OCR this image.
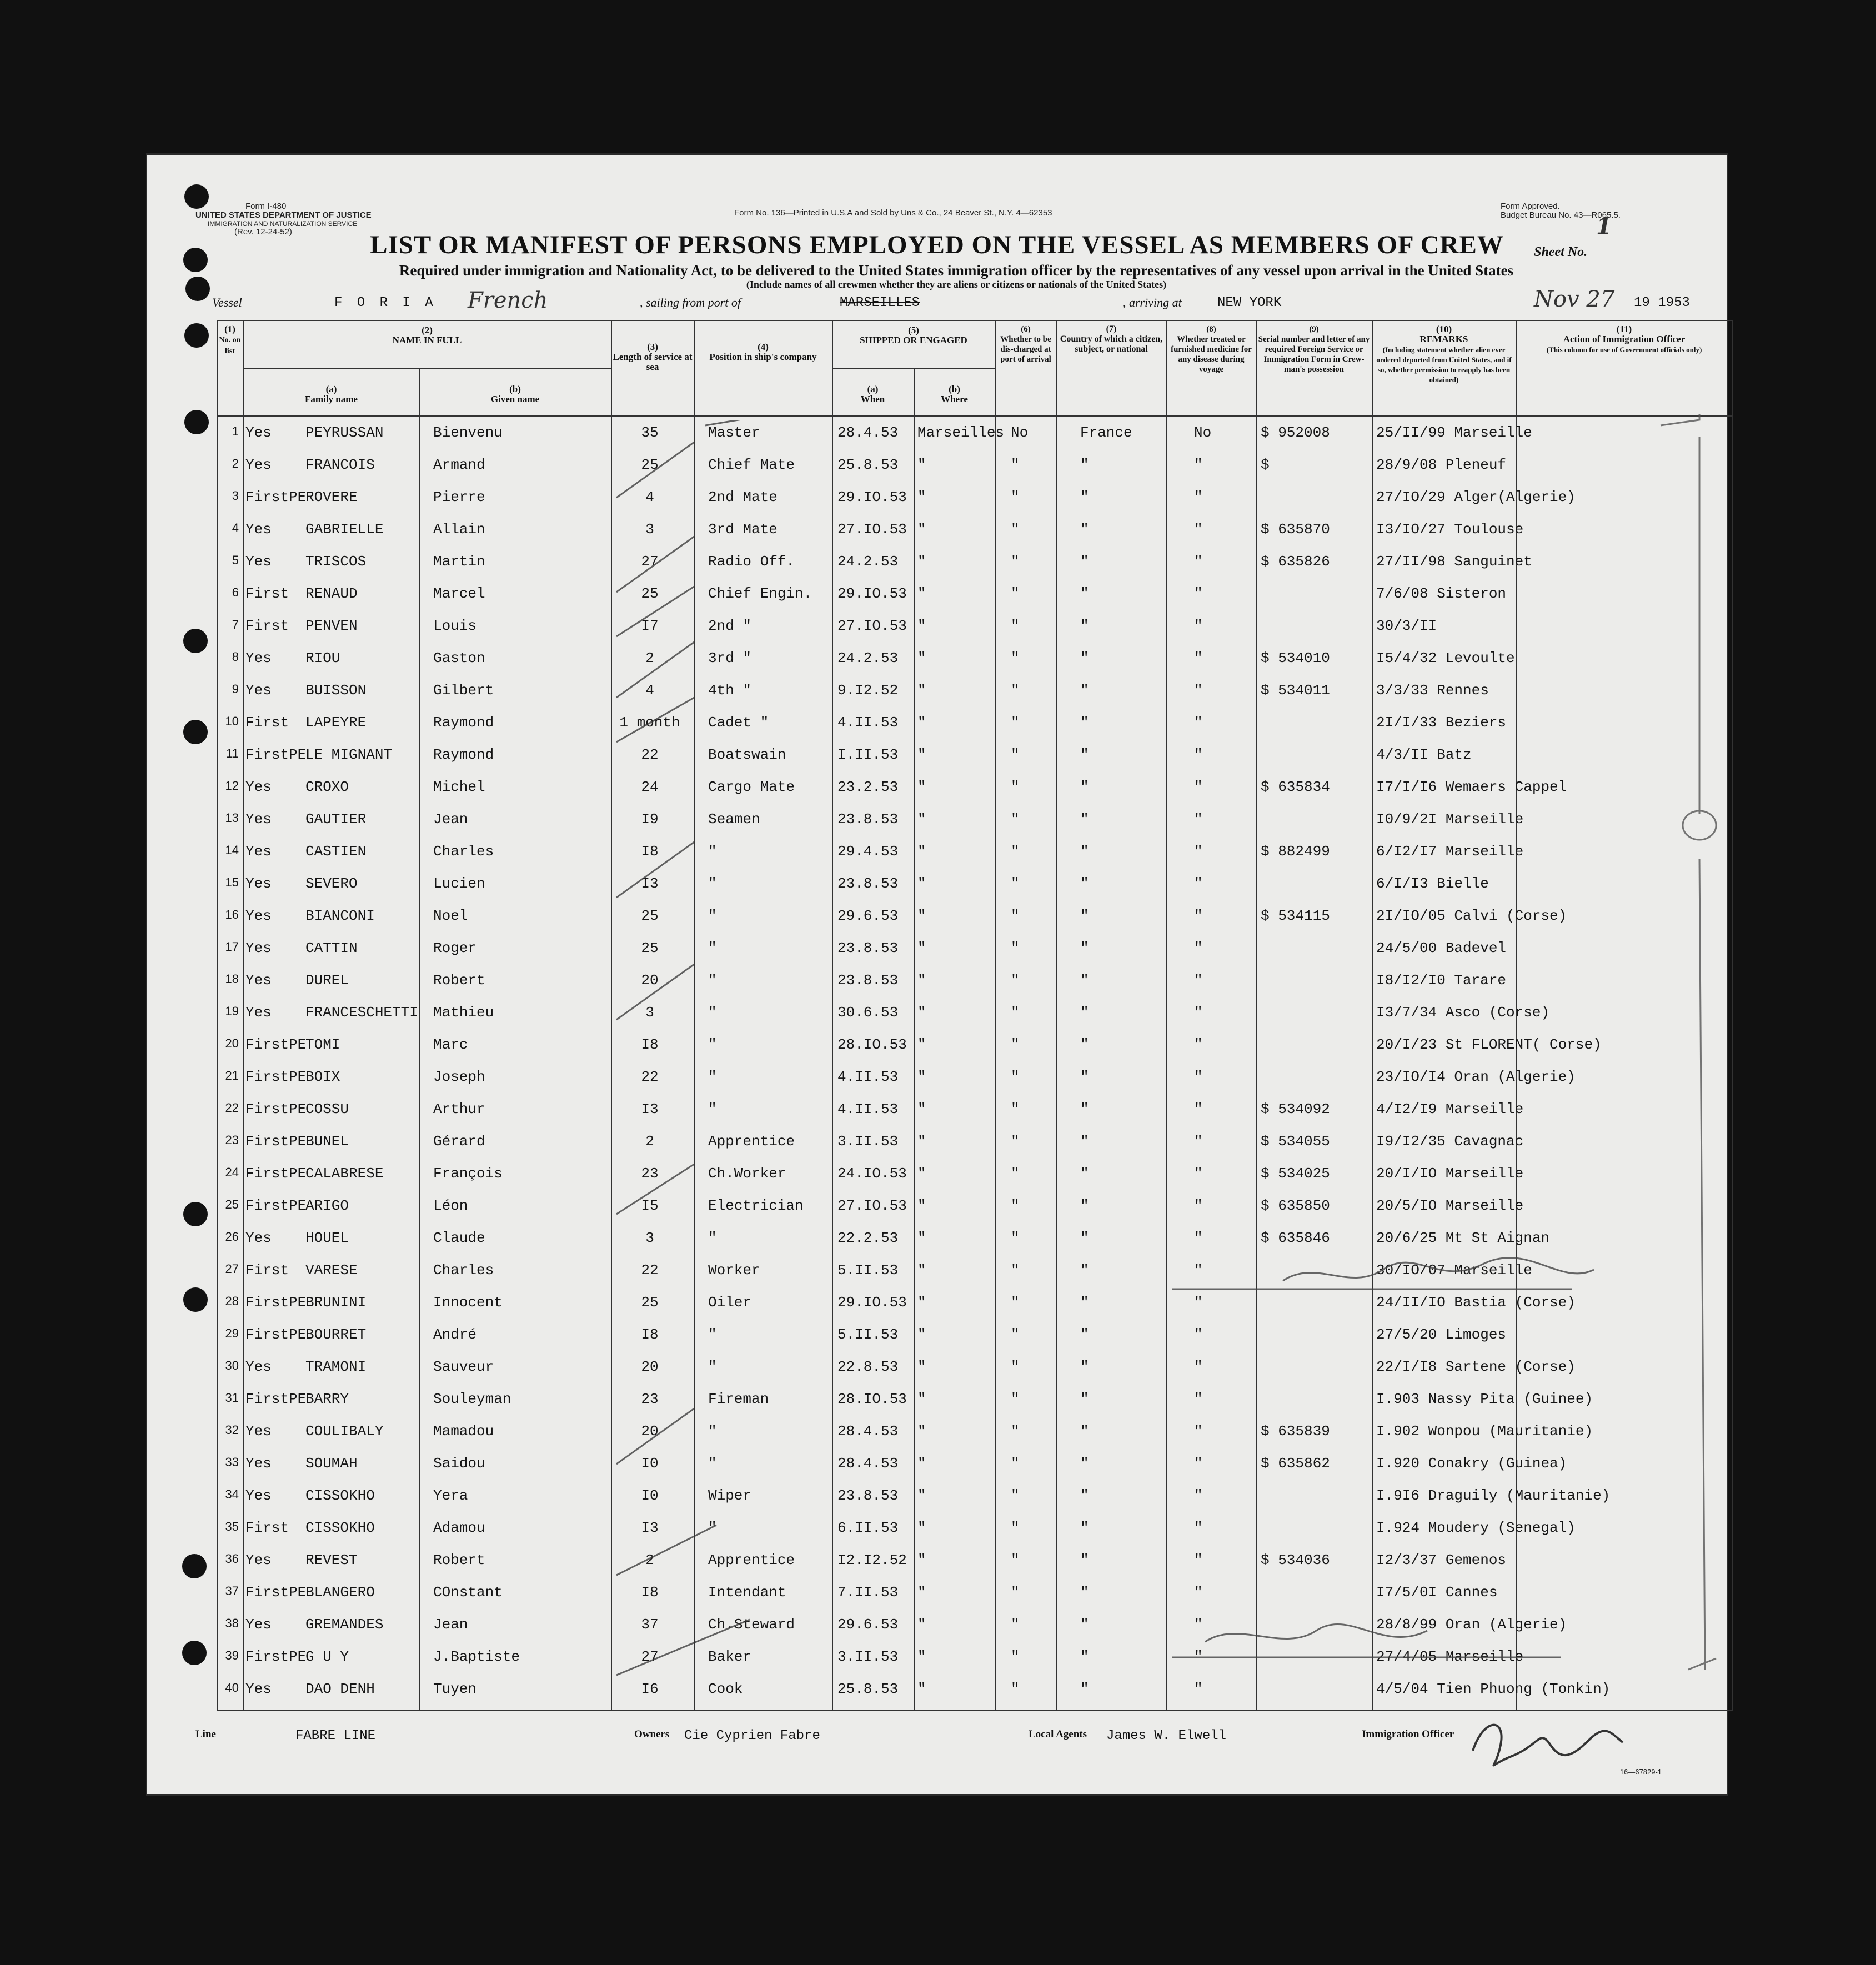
Form I-480
UNITED STATES DEPARTMENT OF JUSTICE
IMMIGRATION AND NATURALIZATION SERVICE
(Rev. 12-24-52)
Form No. 136—Printed in U.S.A and Sold by Uns & Co., 24 Beaver St., N.Y. 4—62353
Form Approved.
Budget Bureau No. 43—R065.5.
LIST OR MANIFEST OF PERSONS EMPLOYED ON THE VESSEL AS MEMBERS OF CREW	Sheet No. 1
Required under immigration and Nationality Act, to be delivered to the United States immigration officer by the representatives of any vessel upon arrival in the United States
(Include names of all crewmen whether they are aliens or citizens or nationals of the United States)
Vessel	F O R I A French	, sailing from port of	MARSEILLES	, arriving at	NEW YORK	Nov 27 19 1953
(1)
No. on list
(2)
NAME IN FULL
(a)
Family name
(b)
Given name
(3)
Length of service at sea
(4)
Position in ship's company
(5)
SHIPPED OR ENGAGED
(a)
When
(b)
Where
(6)
Whether to be dis-charged at port of arrival
(7)
Country of which a citizen, subject, or national
(8)
Whether treated or furnished medicine for any disease during voyage
(9)
Serial number and letter of any required Foreign Service or Immigration Form in Crew-man's possession
(10)
REMARKS
(Including statement whether alien ever ordered deported from United States, and if so, whether permission to reapply has been obtained)
(11)
Action of Immigration Officer
(This column for use of Government officials only)
1 Yes PEYRUSSAN	Bienvenu	35	Master	28.4.53 Marseilles No	France	No	$ 952008	25/II/99 Marseille
2 Yes FRANCOIS	Armand	25	Chief Mate	25.8.53 "	"	"	"	$	28/9/08 Pleneuf
3 FirstPE
ROVERE	Pierre	4	2nd Mate	29.IO.53 "	"	"	"	27/IO/29 Alger(Algerie)
4 Yes GABRIELLE	Allain	3	3rd Mate	27.IO.53 "	"	"	"	$ 635870	I3/IO/27 Toulouse
5 Yes TRISCOS	Martin	27	Radio Off.	24.2.53 "	"	"	"	$ 635826	27/II/98 Sanguinet
6 First RENAUD	Marcel	25	Chief Engin. 29.IO.53 "	"	"	"	7/6/08 Sisteron
7 First PENVEN	Louis	I7	2nd "	27.IO.53 "	"	"	"	30/3/II
8 Yes RIOU	Gaston	2	3rd "	24.2.53 "	"	"	"	$ 534010	I5/4/32 Levoulte
9 Yes BUISSON	Gilbert	4	4th "	9.I2.52 "	"	"	"	$ 534011	3/3/33 Rennes
10 First LAPEYRE	Raymond	1 month Cadet "	4.II.53 "	"	"	"	2I/I/33 Beziers
11 FirstPE
LE MIGNANT	Raymond	22	Boatswain	I.II.53 "	"	"	"	4/3/II Batz
12 Yes CROXO	Michel	24	Cargo Mate	23.2.53 "	"	"	"	$ 635834	I7/I/I6 Wemaers Cappel
13 Yes GAUTIER	Jean	I9	Seamen	23.8.53 "	"	"	"	I0/9/2I Marseille
14 Yes CASTIEN	Charles	I8	"	29.4.53 "	"	"	"	$ 882499	6/I2/I7 Marseille
15 Yes SEVERO	Lucien	I3	"	23.8.53 "	"	"	"	6/I/I3 Bielle
16 Yes BIANCONI	Noel	25	"	29.6.53 "	"	"	"	$ 534115	2I/IO/05 Calvi (Corse)
17 Yes CATTIN	Roger	25	"	23.8.53 "	"	"	"	24/5/00 Badevel
18 Yes DUREL	Robert	20	"	23.8.53 "	"	"	"	I8/I2/I0 Tarare
19 Yes FRANCESCHETTI Mathieu	3	"	30.6.53 "	"	"	"	I3/7/34 Asco (Corse)
20 FirstPE
TOMI	Marc	I8	"	28.IO.53 "	"	"	"	20/I/23 St FLORENT( Corse)
21 FirstPE
BOIX	Joseph	22	"	4.II.53 "	"	"	"	23/IO/I4 Oran (Algerie)
22 FirstPE
COSSU	Arthur	I3	"	4.II.53 "	"	"	"	$ 534092	4/I2/I9 Marseille
23 FirstPE
BUNEL	Gérard	2	Apprentice	3.II.53 "	"	"	"	$ 534055	I9/I2/35 Cavagnac
24 FirstPE
CALABRESE	François	23	Ch.Worker	24.IO.53 "	"	"	"	$ 534025	20/I/IO Marseille
25 FirstPE
ARIGO	Léon	I5	Electrician 27.IO.53 "	"	"	"	$ 635850	20/5/IO Marseille
26 Yes HOUEL	Claude	3	"	22.2.53 "	"	"	"	$ 635846	20/6/25 Mt St Aignan
27 First VARESE	Charles	22	Worker	5.II.53 "	"	"	"	30/IO/07 Marseille
28 FirstPE
BRUNINI	Innocent	25	Oiler	29.IO.53 "	"	"	"	24/II/IO Bastia (Corse)
29 FirstPE
BOURRET	André	I8	"	5.II.53 "	"	"	"	27/5/20 Limoges
30 Yes TRAMONI	Sauveur	20	"	22.8.53 "	"	"	"	22/I/I8 Sartene (Corse)
31 FirstPE
BARRY	Souleyman	23	Fireman	28.IO.53 "	"	"	"	I.903 Nassy Pita (Guinee)
32 Yes COULIBALY	Mamadou	20	"	28.4.53 "	"	"	"	$ 635839	I.902 Wonpou (Mauritanie)
33 Yes SOUMAH	Saidou	I0	"	28.4.53 "	"	"	"	$ 635862	I.920 Conakry (Guinea)
34 Yes CISSOKHO	Yera	I0	Wiper	23.8.53 "	"	"	"	I.9I6 Draguily (Mauritanie)
35 First CISSOKHO	Adamou	I3	"	6.II.53 "	"	"	"	I.924 Moudery (Senegal)
36 Yes REVEST	Robert	2	Apprentice	I2.I2.52 "	"	"	"	$ 534036	I2/3/37 Gemenos
37 FirstPE
BLANGERO	COnstant	I8	Intendant	7.II.53 "	"	"	"	I7/5/0I Cannes
38 Yes GREMANDES	Jean	37	Ch.Steward	29.6.53 "	"	"	"	28/8/99 Oran (Algerie)
39 FirstPE
G U Y	J.Baptiste	27	Baker	3.II.53 "	"	"	"	27/4/05 Marseille
40 Yes DAO DENH	Tuyen	I6	Cook	25.8.53 "	"	"	"	4/5/04 Tien Phuong (Tonkin)
Line	FABRE LINE	Owners Cie Cyprien Fabre	Local Agents James W. Elwell	Immigration Officer
16—67829-1
